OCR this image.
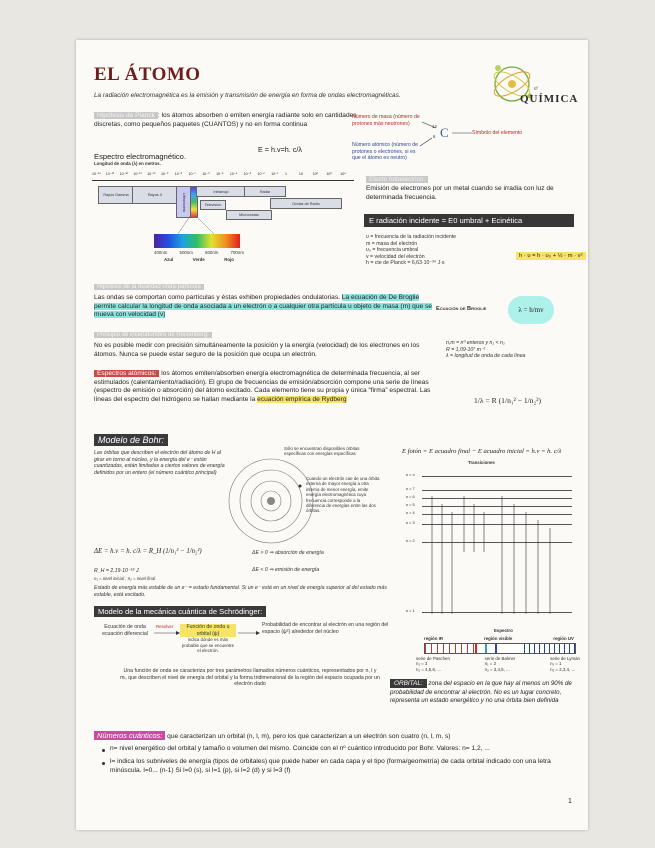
EL ÁTOMO
La radiación electromagnética es la emisión y transmisión de energía en forma de ondas electromagnéticas.	QUÍMICA
nº
Hipótesis de Planck : los átomos absorben o emiten energía radiante solo en cantidades discretas, como pequeños paquetes (CUANTOS) y no en forma continua
E = h.v=h. c/λ
Número de masa (número de protones más neutrones)
Número atómico (número de protones o electrones, si es que el átomo es neutro)
C
12
6
Símbolo del elemento
Espectro electromagnético.
Longitud de onda (λ) en metros.
10⁻¹⁴ 10⁻¹³ 10⁻¹² 10⁻¹¹ 10⁻¹⁰ 10⁻⁹ 10⁻⁸ 10⁻⁷ 10⁻⁶ 10⁻⁵ 10⁻⁴ 10⁻³ 10⁻² 10⁻¹ 1	10	10² 10³ 10⁴
Rayos Gamma	Rayos X	Ultravioleta
Infrarrojo	Radar
Ondas de Radio
Microondas
Televisión
400nm	500nm	600nm	700nm
Azul	Verde	Rojo
Efecto fotoeléctrico:
Emisión de electrones por un metal cuando se irradia con luz de determinada frecuencia.
E radiación incidente = E0 umbral + Ecinética
υ = frecuencia de la radiación incidente
m = masa del electrón
υ₀ = frecuencia umbral
v = velocidad del electrón
h = cte de Planck = 6,63·10⁻³⁴ J·s
h · υ = h · υ₀ + ½ · m · v²
Hipótesis de la dualidad onda-partícula
Las ondas se comportan como partículas y éstas exhiben propiedades ondulatorias. La ecuación de De Broglie permite calcular la longitud de onda asociada a un electrón o a cualquier otra partícula u objeto de masa (m) que se mueva con velocidad (v)
Ecuación de Broglie	λ = h/mv
Principio de incertidumbre de Heisenberg:
No es posible medir con precisión simultáneamente la posición y la energía (velocidad) de los electrones en los átomos. Nunca se puede estar seguro de la posición que ocupa un electrón.
n,m = nº enteros y n₁ < n₂
R = 1,09·10⁷ m⁻¹
λ = longitud de onda de cada línea
Espectros atómicos: los átomos emiten/absorben energía electromagnética de determinada frecuencia, al ser estimulados (calentamiento/radiación). El grupo de frecuencias de emisión/absorción compone una serie de líneas (espectro de emisión o absorción) del átomo excitado. Cada elemento tiene su propia y única “firma” espectral. Las líneas del espectro del hidrógeno se hallan mediante la ecuación empírica de Rydberg	1/λ = R (1/n₁² − 1/n₂²)
Modelo de Bohr:
Las órbitas que describen el electrón del átomo de H al girar en torno al núcleo, y la energía del e⁻ están cuantizadas, están limitadas a ciertos valores de energía definidos por un entero (el número cuántico principal)
Sólo se encuentran disponibles órbitas específicas con energías específicas
Cuando un electrón cae de una órbita externa de mayor energía a otra interna de menor energía, emite energía electromagnética cuya frecuencia corresponde a la diferencia de energías entre las dos órbitas.
ΔE = h.v = h. c/λ = R_H (1/n₁² − 1/n₂²)
R_H = 2,19·10⁻¹⁸ J
n₁ = nivel inicial ; n₂ = nivel final
ΔE > 0 ⇒ absorción de energía
ΔE < 0 ⇒ emisión de energía
Estado de energía más estable de un e⁻ = estado fundamental. Si un e⁻ está en un nivel de energía superior al del estado más estable, está excitado.
E fotón = E acuadro final − E acuadro inicial = h.v = h. c/λ
Transiciones
n = ∞
n = 7
n = 6
n = 5
n = 4
n = 3
n = 2
n = 1
Espectro
región IR	región visible	región UV
serie de Paschen
n₁ = 3
n₂ = 4,5,6, ...
serie de Balmer
n₁ = 2
n₂ = 3,4,5, ...
serie de Lyman
n₁ = 1
n₂ = 2,3,4, ...
Modelo de la mecánica cuántica de Schrödinger:
Ecuación de onda
ecuación diferencial
Resolver	Función de onda u orbital (ψ)
indica dónde es más probable que se encuentre el electrón.
Probabilidad de encontrar al electrón en una región del espacio (ψ²) alrededor del núcleo
Una función de onda se caracteriza por tres parámetros llamados números cuánticos, representados por n, l y mₗ, que describen el nivel de energía del orbital y la forma tridimensional de la región del espacio ocupada por un electrón dado	ORBITAL: zona del espacio en la que hay al menos un 90% de probabilidad de encontrar al electrón. No es un lugar concreto, representa un estado energético y no una órbita bien definida
Números cuánticos: que caracterizan un orbital (n, l, m), pero los que caracterizan a un electrón son cuatro (n, l, m, s)
n= nivel energético del orbital y tamaño o volumen del mismo. Coincide con el nº cuántico introducido por Bohr. Valores: n= 1,2, ...
l= indica los subniveles de energía (tipos de orbitales) que puede haber en cada capa y el tipo (forma/geometría) de cada orbital indicado con una letra minúscula. l=0... (n-1) Si l=0 (s), si l=1 (p), si l=2 (d) y si l=3 (f)
1
